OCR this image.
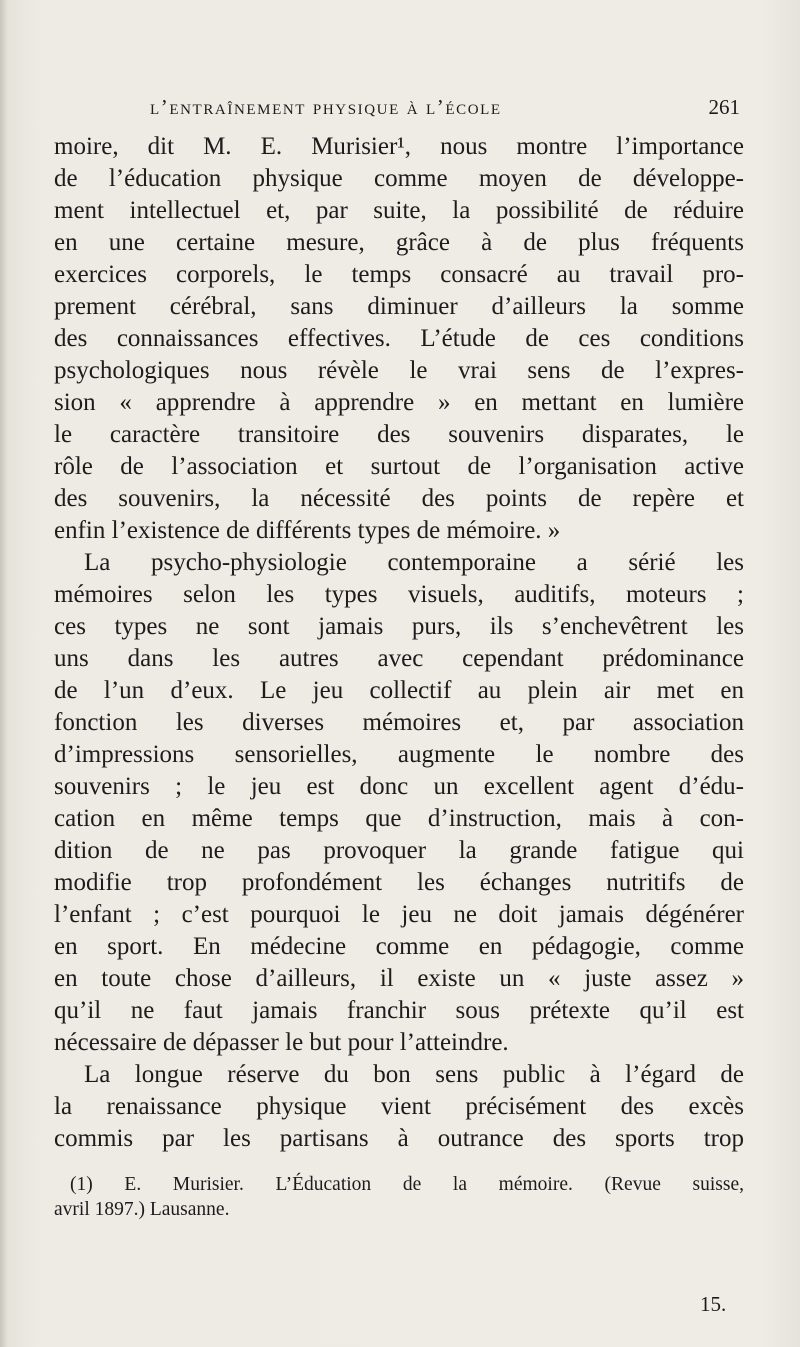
l’entraînement physique à l’école	261
moire, dit M. E. Murisier¹, nous montre l’importance
de l’éducation physique comme moyen de développe-
ment intellectuel et, par suite, la possibilité de réduire
en une certaine mesure, grâce à de plus fréquents
exercices corporels, le temps consacré au travail pro-
prement cérébral, sans diminuer d’ailleurs la somme
des connaissances effectives. L’étude de ces conditions
psychologiques nous révèle le vrai sens de l’expres-
sion « apprendre à apprendre » en mettant en lumière
le caractère transitoire des souvenirs disparates, le
rôle de l’association et surtout de l’organisation active
des souvenirs, la nécessité des points de repère et
enfin l’existence de différents types de mémoire. »
La psycho-physiologie contemporaine a sérié les
mémoires selon les types visuels, auditifs, moteurs ;
ces types ne sont jamais purs, ils s’enchevêtrent les
uns dans les autres avec cependant prédominance
de l’un d’eux. Le jeu collectif au plein air met en
fonction les diverses mémoires et, par association
d’impressions sensorielles, augmente le nombre des
souvenirs ; le jeu est donc un excellent agent d’édu-
cation en même temps que d’instruction, mais à con-
dition de ne pas provoquer la grande fatigue qui
modifie trop profondément les échanges nutritifs de
l’enfant ; c’est pourquoi le jeu ne doit jamais dégénérer
en sport. En médecine comme en pédagogie, comme
en toute chose d’ailleurs, il existe un « juste assez »
qu’il ne faut jamais franchir sous prétexte qu’il est
nécessaire de dépasser le but pour l’atteindre.
La longue réserve du bon sens public à l’égard de
la renaissance physique vient précisément des excès
commis par les partisans à outrance des sports trop
(1) E. Murisier. L’Éducation de la mémoire. (Revue suisse,
avril 1897.) Lausanne.
15.
